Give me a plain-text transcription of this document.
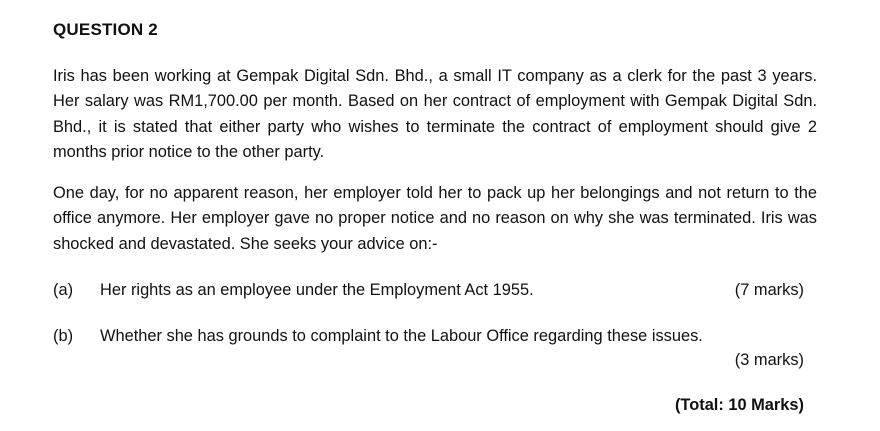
QUESTION 2
Iris has been working at Gempak Digital Sdn. Bhd., a small IT company as a clerk for the past 3 years. Her salary was RM1,700.00 per month. Based on her contract of employment with Gempak Digital Sdn. Bhd., it is stated that either party who wishes to terminate the contract of employment should give 2 months prior notice to the other party.
One day, for no apparent reason, her employer told her to pack up her belongings and not return to the office anymore. Her employer gave no proper notice and no reason on why she was terminated. Iris was shocked and devastated. She seeks your advice on:-
(a) Her rights as an employee under the Employment Act 1955.	(7 marks)
(b) Whether she has grounds to complaint to the Labour Office regarding these issues.
(3 marks)
(Total: 10 Marks)
